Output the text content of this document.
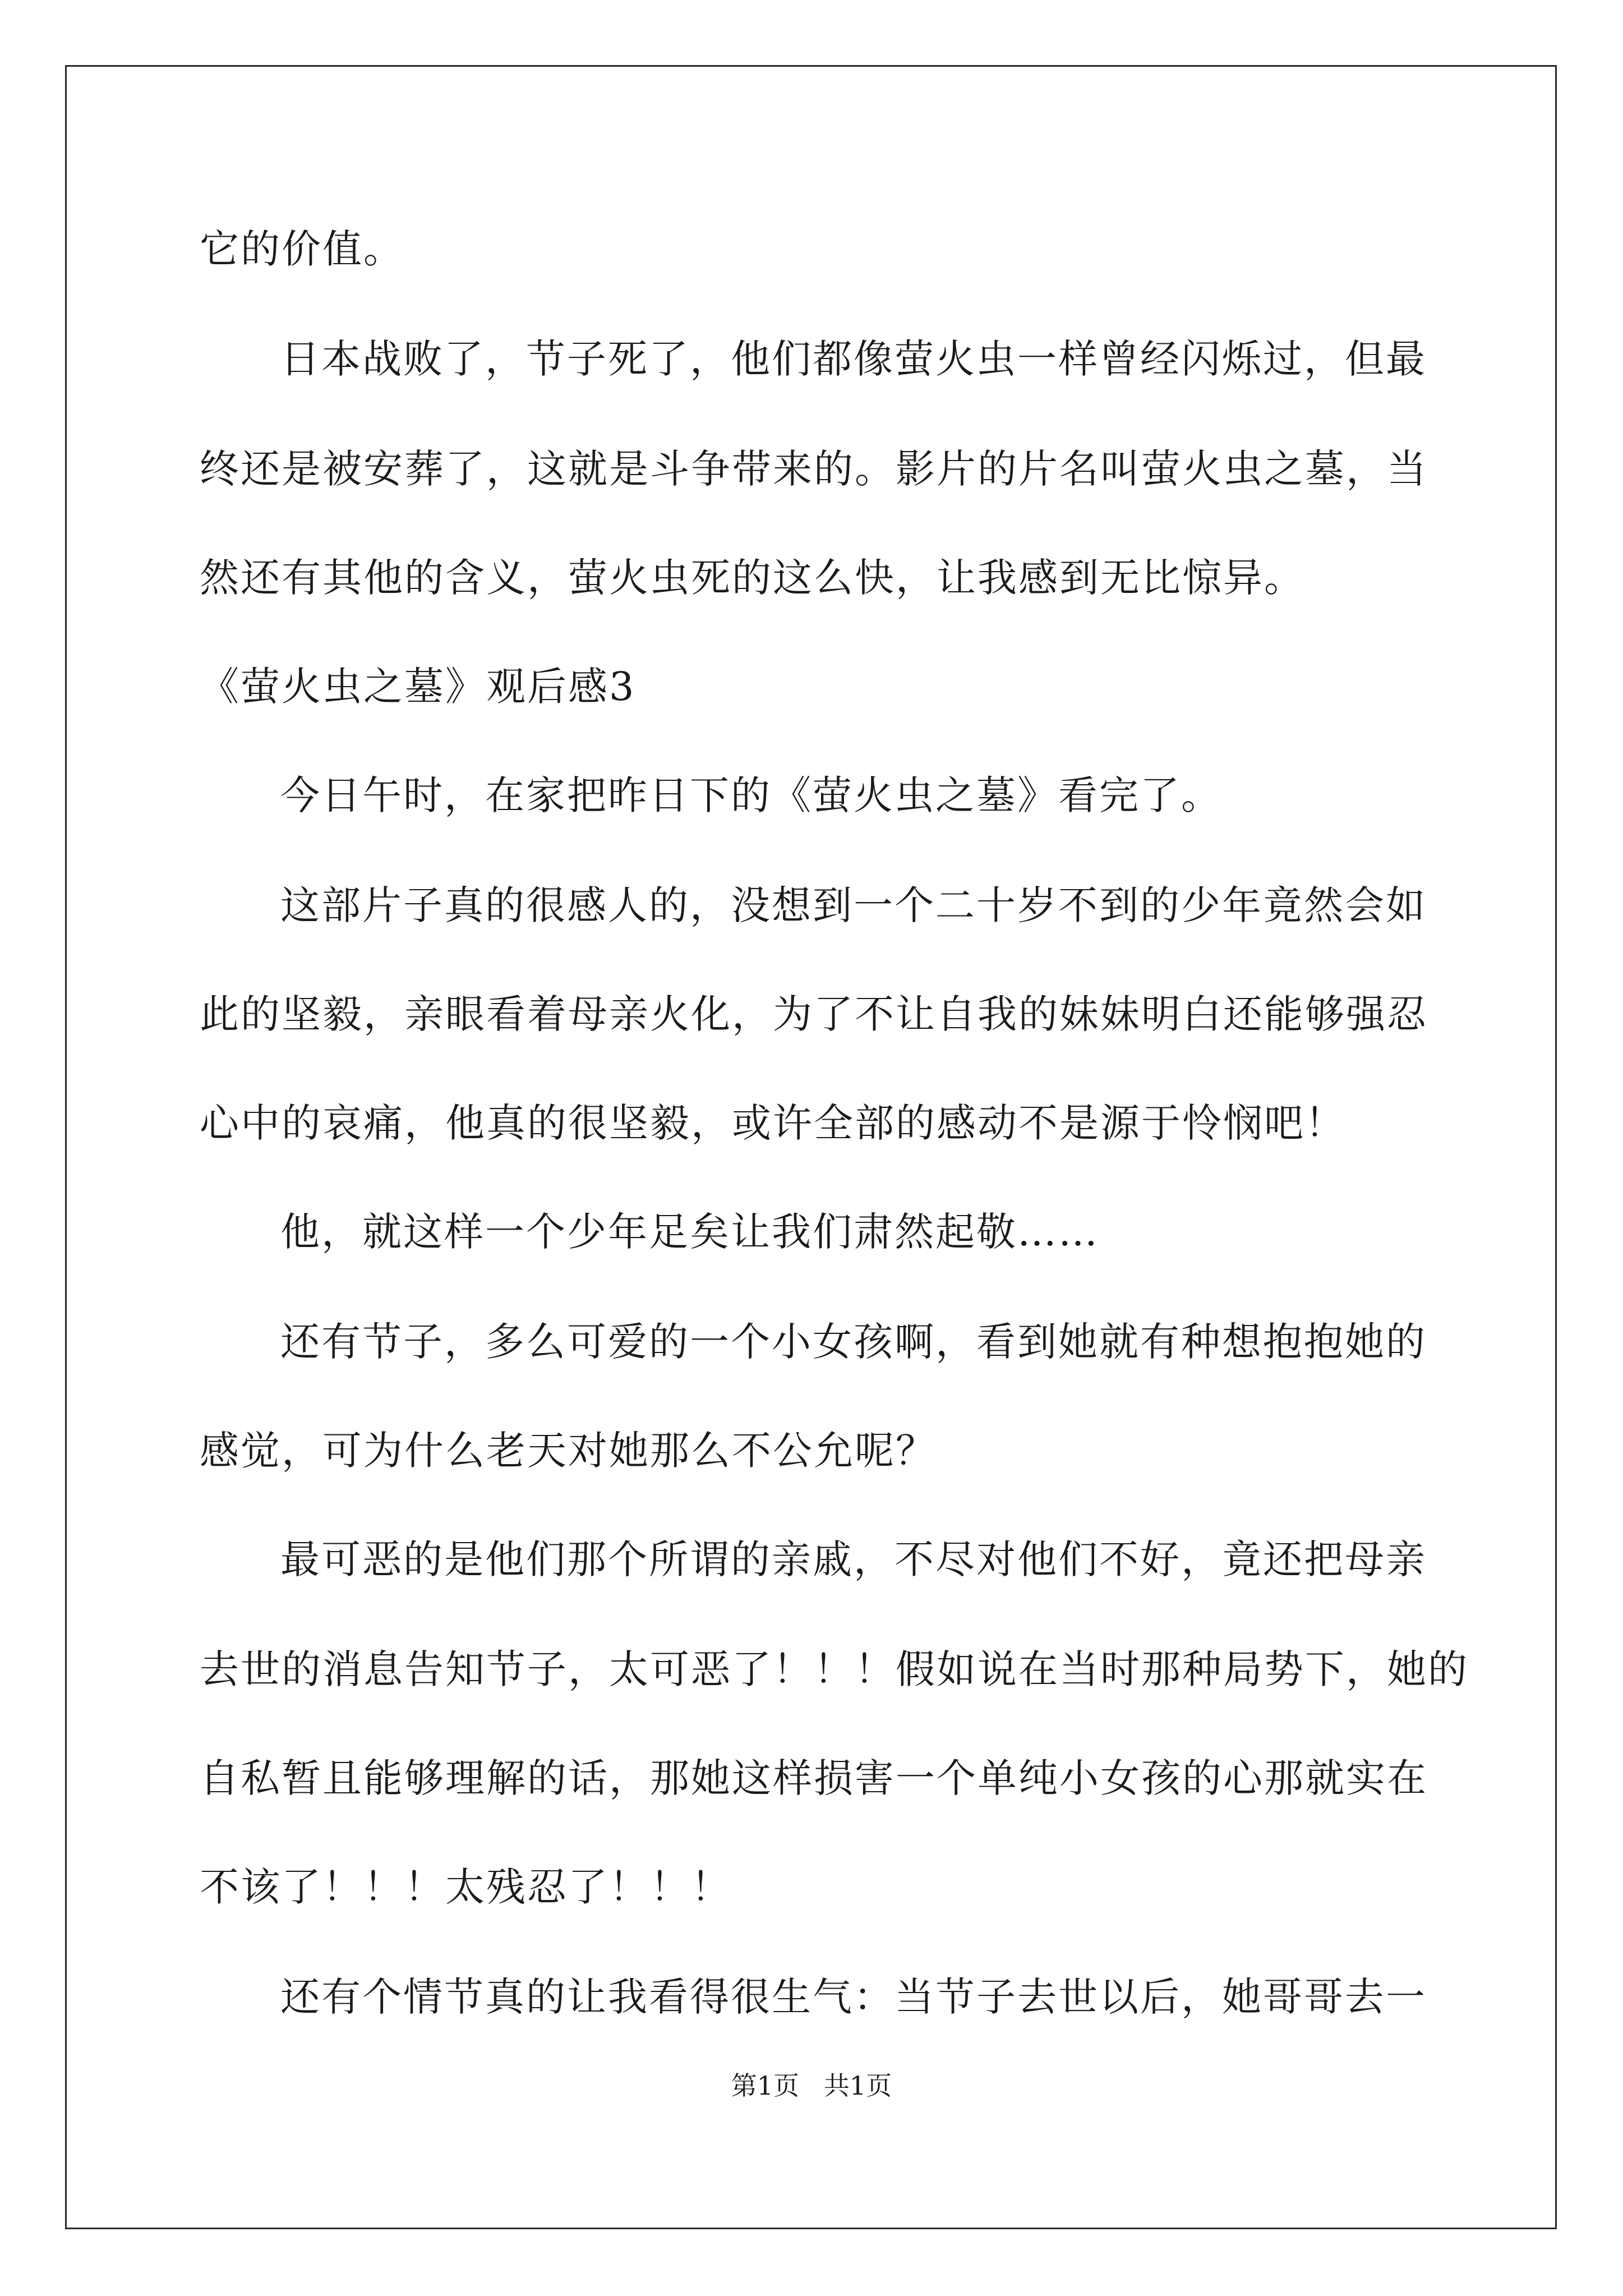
它的价值。
日本战败了，节子死了，他们都像萤火虫一样曾经闪烁过，但最
终还是被安葬了，这就是斗争带来的。影片的片名叫萤火虫之墓，当
然还有其他的含义，萤火虫死的这么快，让我感到无比惊异。
《萤火虫之墓》观后感3
今日午时，在家把昨日下的《萤火虫之墓》看完了。
这部片子真的很感人的，没想到一个二十岁不到的少年竟然会如
此的坚毅，亲眼看着母亲火化，为了不让自我的妹妹明白还能够强忍
心中的哀痛，他真的很坚毅，或许全部的感动不是源于怜悯吧！
他，就这样一个少年足矣让我们肃然起敬……
还有节子，多么可爱的一个小女孩啊，看到她就有种想抱抱她的
感觉，可为什么老天对她那么不公允呢？
最可恶的是他们那个所谓的亲戚，不尽对他们不好，竟还把母亲
去世的消息告知节子，太可恶了！！！假如说在当时那种局势下，她的
自私暂且能够理解的话，那她这样损害一个单纯小女孩的心那就实在
不该了！！！太残忍了！！！
还有个情节真的让我看得很生气：当节子去世以后，她哥哥去一
第1页   共1页
